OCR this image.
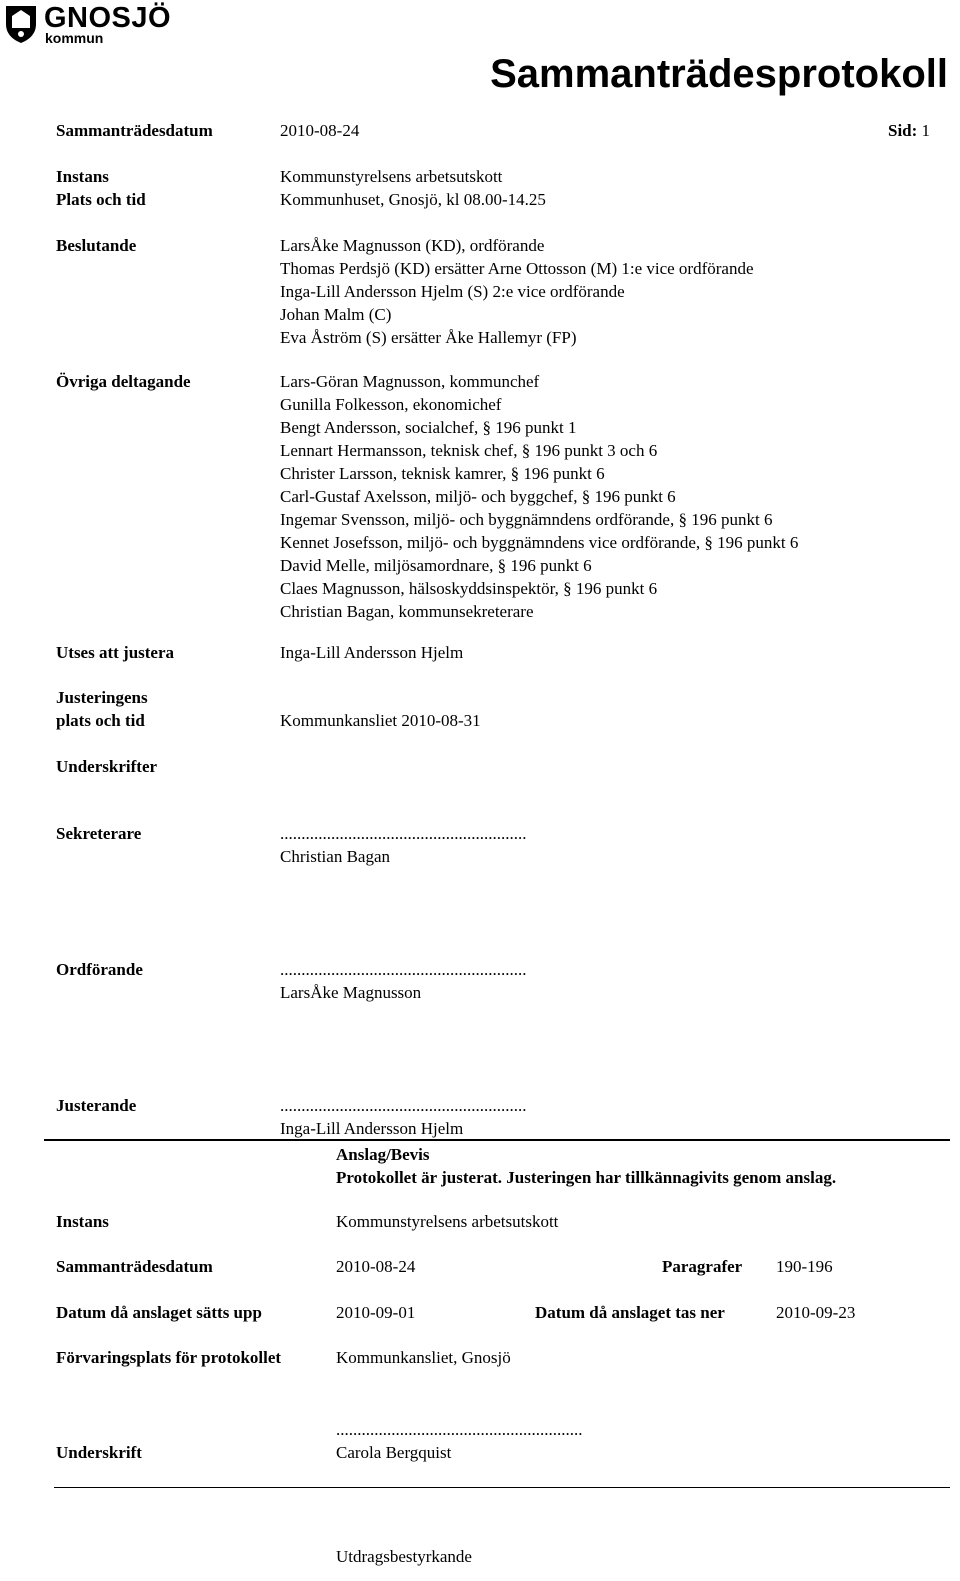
GNOSJÖ
kommun
Sammanträdesprotokoll
Sammanträdesdatum	2010-08-24	Sid: 1
Instans	Kommunstyrelsens arbetsutskott
Plats och tid	Kommunhuset, Gnosjö, kl 08.00-14.25
Beslutande	LarsÅke Magnusson (KD), ordförande
Thomas Perdsjö (KD) ersätter Arne Ottosson (M) 1:e vice ordförande
Inga-Lill Andersson Hjelm (S) 2:e vice ordförande
Johan Malm (C)
Eva Åström (S) ersätter Åke Hallemyr (FP)
Övriga deltagande	Lars-Göran Magnusson, kommunchef
Gunilla Folkesson, ekonomichef
Bengt Andersson, socialchef, § 196 punkt 1
Lennart Hermansson, teknisk chef, § 196 punkt 3 och 6
Christer Larsson, teknisk kamrer, § 196 punkt 6
Carl-Gustaf Axelsson, miljö- och byggchef, § 196 punkt 6
Ingemar Svensson, miljö- och byggnämndens ordförande, § 196 punkt 6
Kennet Josefsson, miljö- och byggnämndens vice ordförande, § 196 punkt 6
David Melle, miljösamordnare, § 196 punkt 6
Claes Magnusson, hälsoskyddsinspektör, § 196 punkt 6
Christian Bagan, kommunsekreterare
Utses att justera	Inga-Lill Andersson Hjelm
Justeringens
plats och tid	Kommunkansliet 2010-08-31
Underskrifter
Sekreterare	..........................................................
Christian Bagan
Ordförande	..........................................................
LarsÅke Magnusson
Justerande	..........................................................
Inga-Lill Andersson Hjelm
Anslag/Bevis
Protokollet är justerat. Justeringen har tillkännagivits genom anslag.
Instans	Kommunstyrelsens arbetsutskott
Sammanträdesdatum	2010-08-24	Paragrafer 190-196
Datum då anslaget sätts upp	2010-09-01	Datum då anslaget tas ner	2010-09-23
Förvaringsplats för protokollet	Kommunkansliet, Gnosjö
..........................................................
Underskrift	Carola Bergquist
Utdragsbestyrkande
